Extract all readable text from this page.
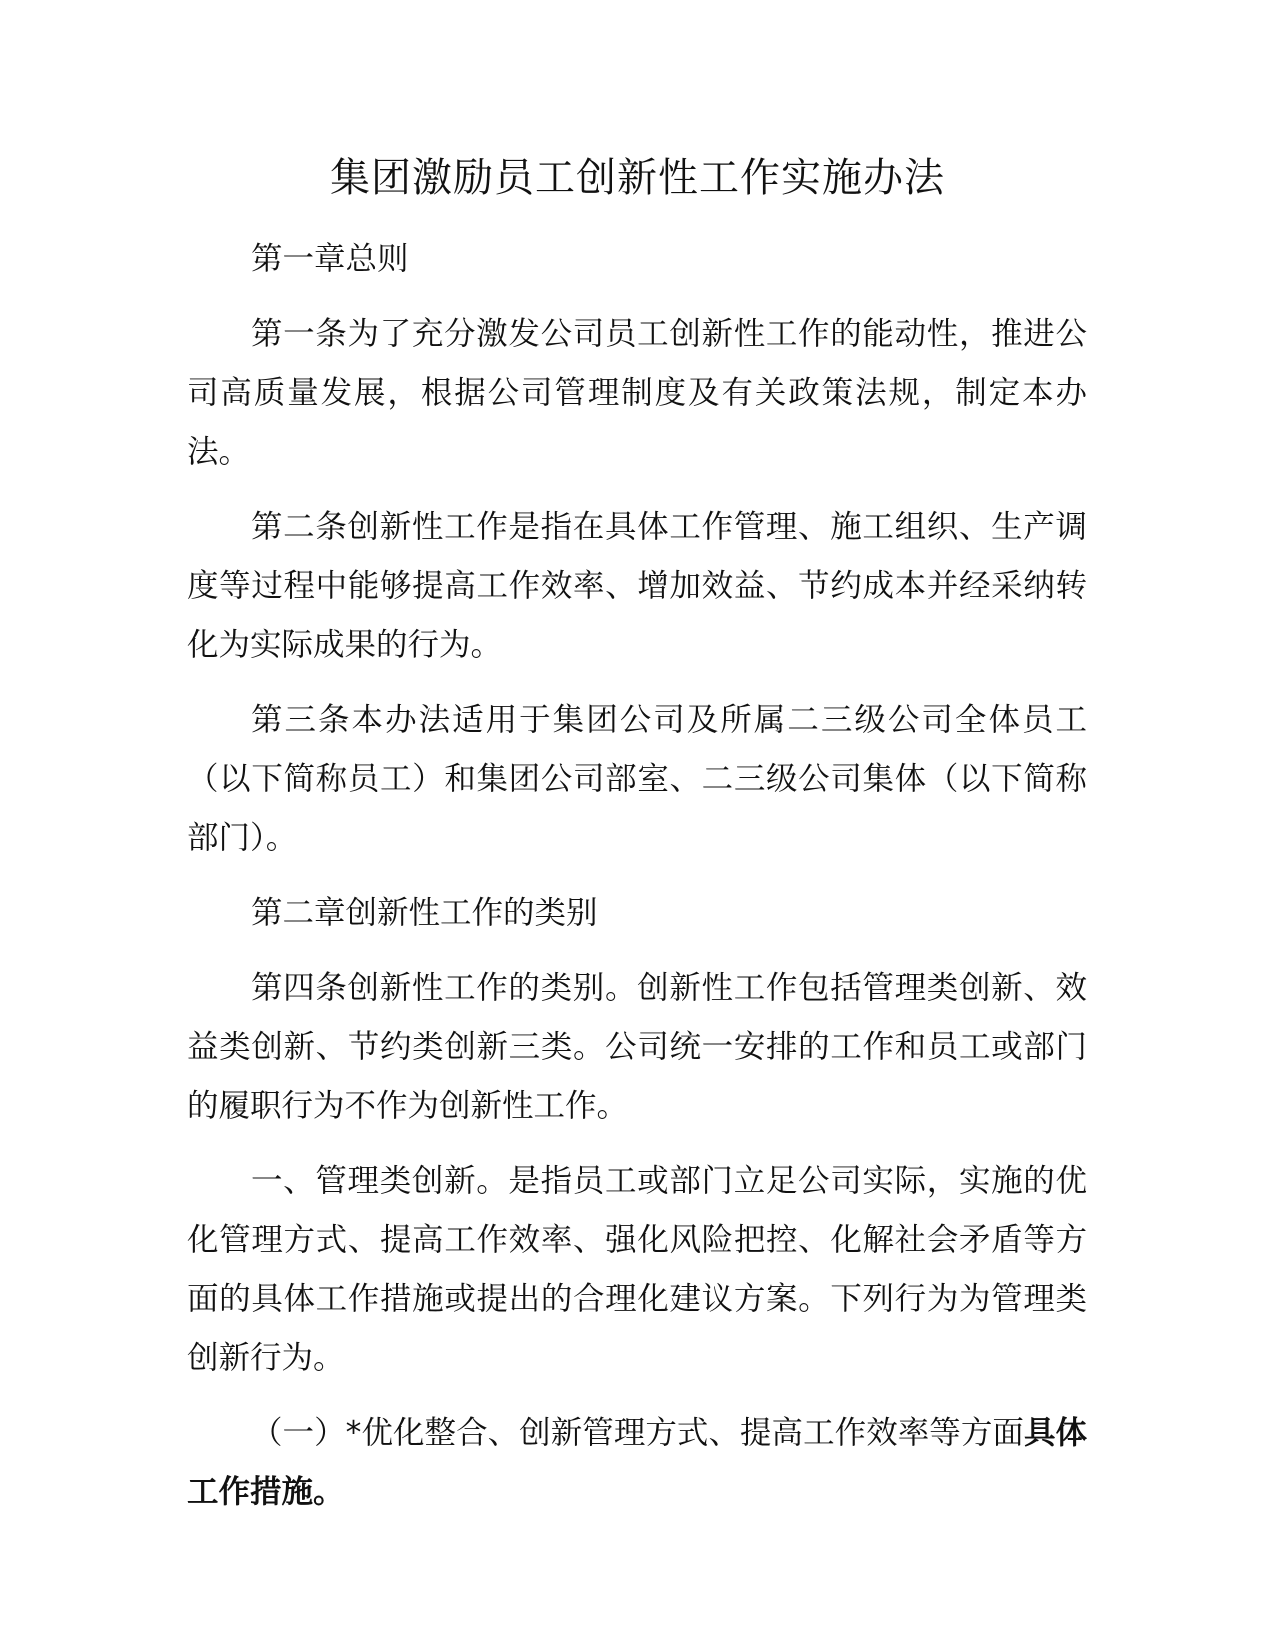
集团激励员工创新性工作实施办法

第一章总则

第一条为了充分激发公司员工创新性工作的能动性，推进公司高质量发展，根据公司管理制度及有关政策法规，制定本办法。

第二条创新性工作是指在具体工作管理、施工组织、生产调度等过程中能够提高工作效率、增加效益、节约成本并经采纳转化为实际成果的行为。

第三条本办法适用于集团公司及所属二三级公司全体员工（以下简称员工）和集团公司部室、二三级公司集体（以下简称部门）。

第二章创新性工作的类别

第四条创新性工作的类别。创新性工作包括管理类创新、效益类创新、节约类创新三类。公司统一安排的工作和员工或部门的履职行为不作为创新性工作。

一、管理类创新。是指员工或部门立足公司实际，实施的优化管理方式、提高工作效率、强化风险把控、化解社会矛盾等方面的具体工作措施或提出的合理化建议方案。下列行为为管理类创新行为。

（一）*优化整合、创新管理方式、提高工作效率等方面具体工作措施。
